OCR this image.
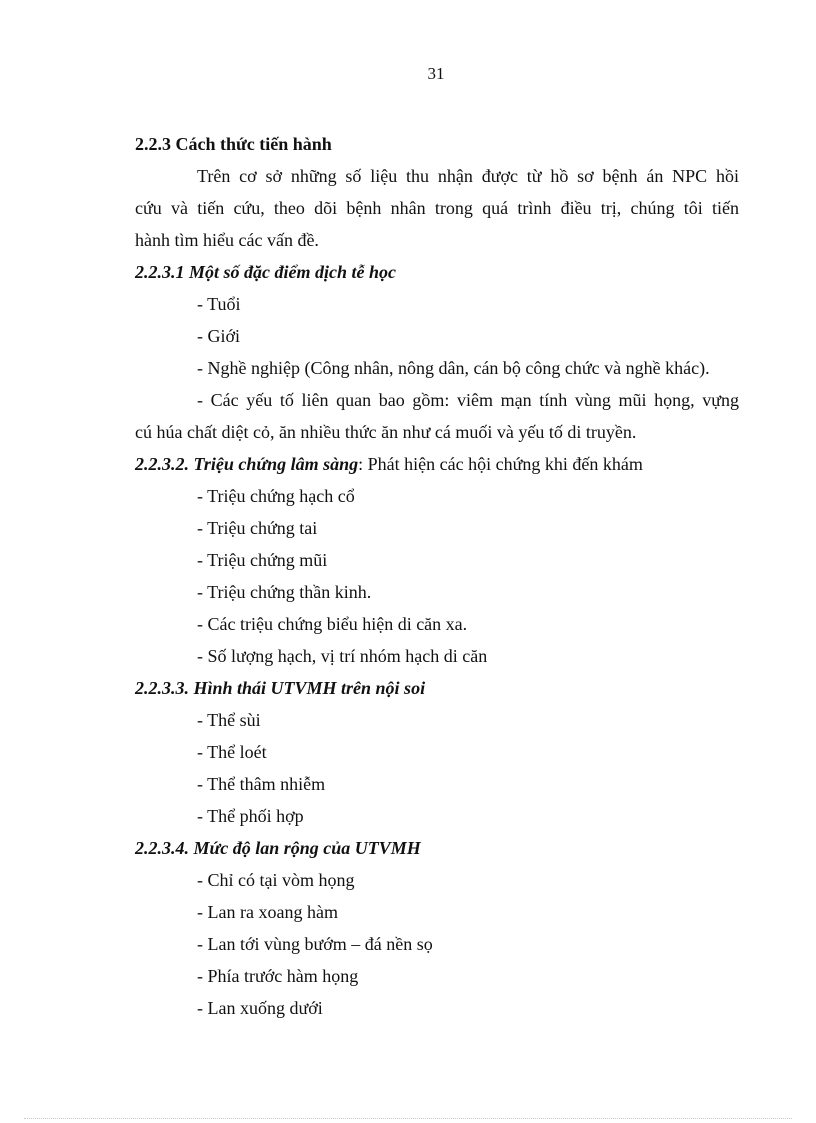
31
2.2.3 Cách thức tiến hành
Trên cơ sở những số liệu thu nhận được từ hồ sơ bệnh án NPC hồi
cứu và tiến cứu, theo dõi bệnh nhân trong quá trình điều trị, chúng tôi tiến
hành tìm hiểu các vấn đề.
2.2.3.1 Một số đặc điểm dịch tễ học
- Tuổi
- Giới
- Nghề nghiệp (Công nhân, nông dân, cán bộ công chức và nghề khác).
- Các yếu tố liên quan bao gồm: viêm mạn tính vùng mũi họng, vựng
cú húa chất diệt cỏ, ăn nhiều thức ăn như cá muối và yếu tố di truyền.
2.2.3.2. Triệu chứng lâm sàng: Phát hiện các hội chứng khi đến khám
- Triệu chứng hạch cổ
- Triệu chứng tai
- Triệu chứng mũi
- Triệu chứng thần kinh.
- Các triệu chứng biểu hiện di căn xa.
- Số lượng hạch, vị trí nhóm hạch di căn
2.2.3.3. Hình thái UTVMH trên nội soi
- Thể sùi
- Thể loét
- Thể thâm nhiễm
- Thể phối hợp
2.2.3.4. Mức độ lan rộng của UTVMH
- Chỉ có tại vòm họng
- Lan ra xoang hàm
- Lan tới vùng bướm – đá nền sọ
- Phía trước hàm họng
- Lan xuống dưới
